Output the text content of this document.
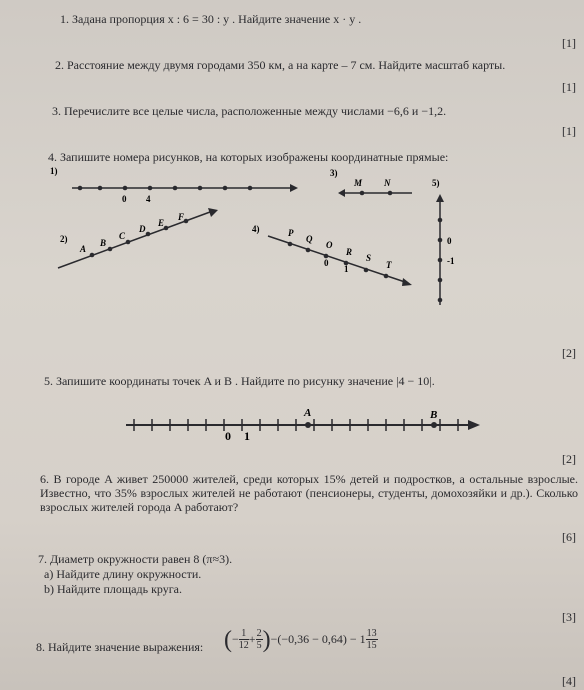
1. Задана пропорция x : 6 = 30 : y . Найдите значение x · y .
[1]
2. Расстояние между двумя городами 350 км, а на карте – 7 см. Найдите масштаб карты.
[1]
3. Перечислите все целые числа, расположенные между числами −6,6 и −1,2.
[1]
4. Запишите номера рисунков, на которых изображены координатные прямые:
1)
0 4
3)
M N	5)
0
-1
2)
A
B
C
D
E
F
4)	P
Q
O
R
S
T
0
1
[2]
5. Запишите координаты точек A и B . Найдите по рисунку значение |4 − 10|.
A	B
0 1
[2]
6. В городе A живет 250000 жителей, среди которых 15% детей и подростков, а остальные взрослые. Известно, что 35% взрослых жителей не работают (пенсионеры, студенты, домохозяйки и др.). Сколько взрослых жителей города A работают?
[6]
7. Диаметр окружности равен 8 (π≈3).
a) Найдите длину окружности.
b) Найдите площадь круга.
[3]
8. Найдите значение выражения: ( − $\frac{1}{12} + \frac{2}{5}$ ) $-(-0,36 - 0,64) - 1 \frac{13}{15}$
[4]
